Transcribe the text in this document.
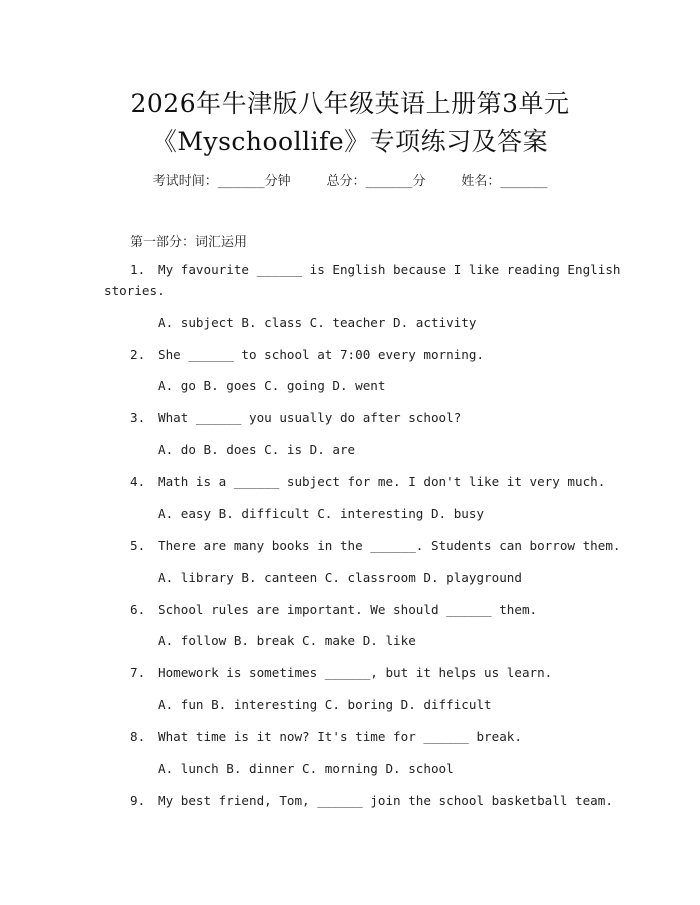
2026年牛津版八年级英语上册第3单元
《Myschoollife》专项练习及答案
考试时间：______分钟	总分：______分	姓名：______
第一部分：词汇运用
1. My favourite ______ is English because I like reading English
stories.
A. subject B. class C. teacher D. activity
2. She ______ to school at 7:00 every morning.
A. go B. goes C. going D. went
3. What ______ you usually do after school?
A. do B. does C. is D. are
4. Math is a ______ subject for me. I don't like it very much.
A. easy B. difficult C. interesting D. busy
5. There are many books in the ______. Students can borrow them.
A. library B. canteen C. classroom D. playground
6. School rules are important. We should ______ them.
A. follow B. break C. make D. like
7. Homework is sometimes ______, but it helps us learn.
A. fun B. interesting C. boring D. difficult
8. What time is it now? It's time for ______ break.
A. lunch B. dinner C. morning D. school
9. My best friend, Tom, ______ join the school basketball team.
